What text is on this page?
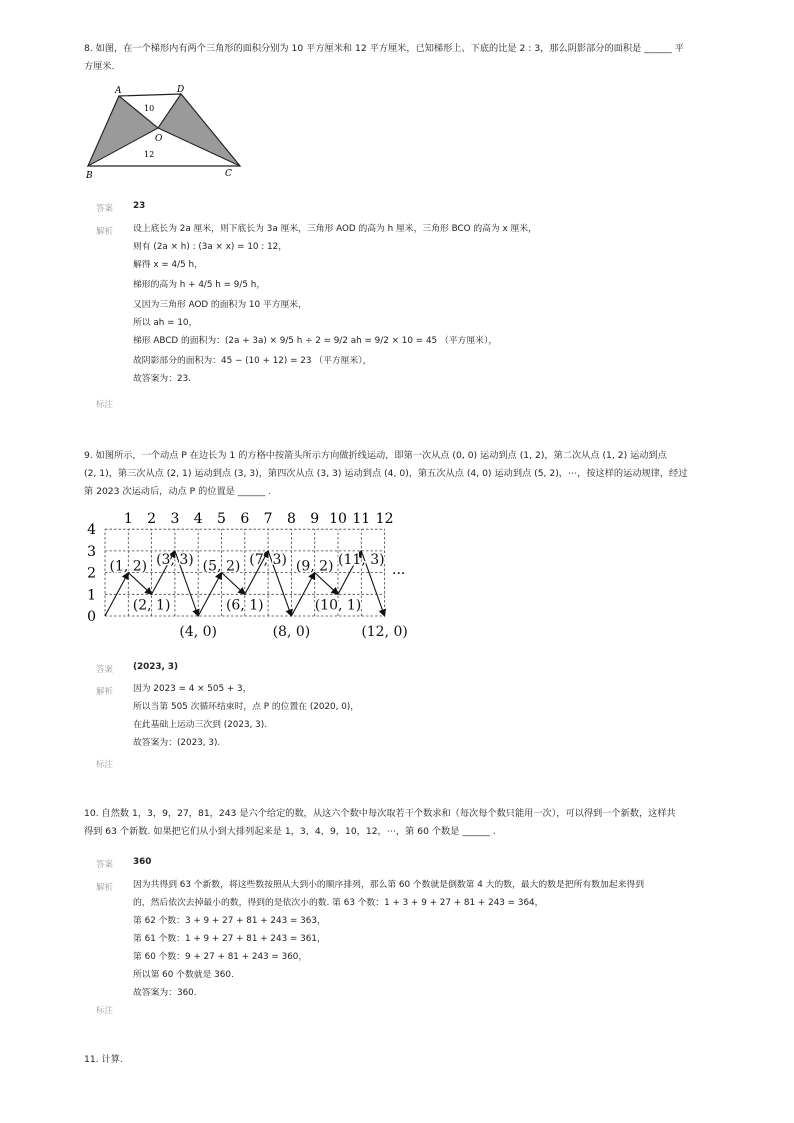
8. 如图，在一个梯形内有两个三角形的面积分别为 10 平方厘米和 12 平方厘米，已知梯形上、下底的比是 2 : 3，那么阴影部分的面积是 ______ 平
方厘米.
A	D
O
B	C
10
12
答案 23
解析 设上底长为 2a 厘米，则下底长为 3a 厘米，三角形 AOD 的高为 h 厘米，三角形 BCO 的高为 x 厘米，
则有 (2a × h) : (3a × x) = 10 : 12，
解得 x = 4/5 h，
梯形的高为 h + 4/5 h = 9/5 h，
又因为三角形 AOD 的面积为 10 平方厘米，
所以 ah = 10，
梯形 ABCD 的面积为：(2a + 3a) × 9/5 h ÷ 2 = 9/2 ah = 9/2 × 10 = 45 （平方厘米），
故阴影部分的面积为：45 − (10 + 12) = 23 （平方厘米），
故答案为：23.
标注
9. 如图所示，一个动点 P 在边长为 1 的方格中按箭头所示方向做折线运动，即第一次从点 (0, 0) 运动到点 (1, 2)，第二次从点 (1, 2) 运动到点
(2, 1)，第三次从点 (2, 1) 运动到点 (3, 3)，第四次从点 (3, 3) 运动到点 (4, 0)，第五次从点 (4, 0) 运动到点 (5, 2)，⋯，按这样的运动规律，经过
第 2023 次运动后，动点 P 的位置是 ______ .
1 2 3 4 5 6 7 8 9 10 11 12
4
3
2
1
0
(1, 2)
(2, 1)
(3, 3)
(4, 0)
(5, 2)
(6, 1)
(7, 3)
(8, 0)
(9, 2)
(10, 1)
(11, 3)
(12, 0)
···
答案 (2023, 3)
解析 因为 2023 = 4 × 505 + 3，
所以当第 505 次循环结束时，点 P 的位置在 (2020, 0)，
在此基础上运动三次到 (2023, 3).
故答案为：(2023, 3).
标注
10. 自然数 1，3，9，27，81，243 是六个给定的数，从这六个数中每次取若干个数求和（每次每个数只能用一次），可以得到一个新数，这样共
得到 63 个新数. 如果把它们从小到大排列起来是 1，3，4，9，10，12，⋯，第 60 个数是 ______ .
答案 360
解析 因为共得到 63 个新数，将这些数按照从大到小的顺序排列，那么第 60 个数就是倒数第 4 大的数，最大的数是把所有数加起来得到
的，然后依次去掉最小的数，得到的是依次小的数. 第 63 个数：1 + 3 + 9 + 27 + 81 + 243 = 364，
第 62 个数：3 + 9 + 27 + 81 + 243 = 363，
第 61 个数：1 + 9 + 27 + 81 + 243 = 361，
第 60 个数：9 + 27 + 81 + 243 = 360，
所以第 60 个数就是 360.
故答案为：360.
标注
11. 计算.
